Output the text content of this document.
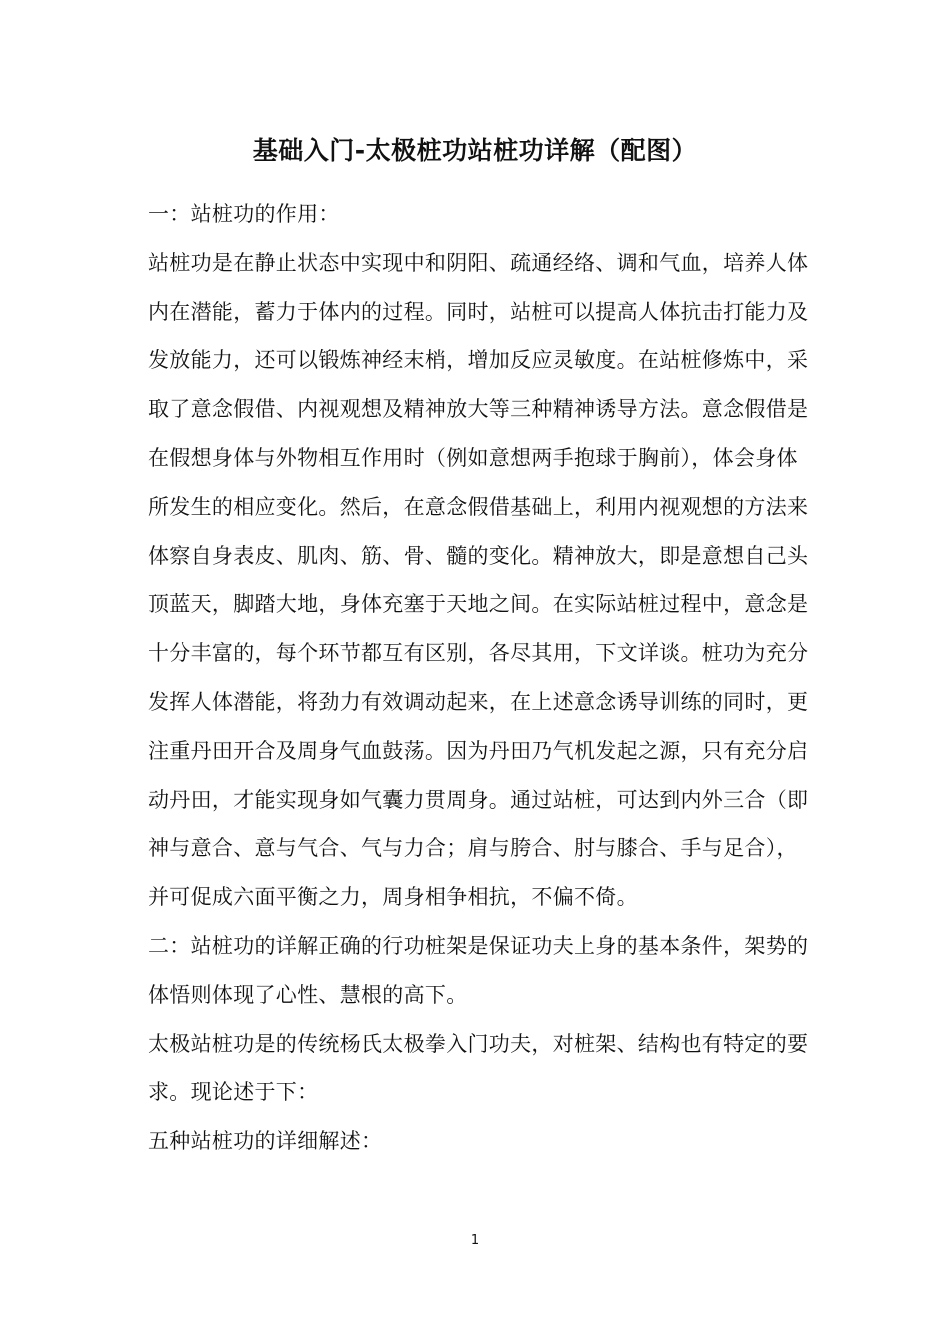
基础入门-太极桩功站桩功详解（配图）
一：站桩功的作用：
站桩功是在静止状态中实现中和阴阳、疏通经络、调和气血，培养人体
内在潜能，蓄力于体内的过程。同时，站桩可以提高人体抗击打能力及
发放能力，还可以锻炼神经末梢，增加反应灵敏度。在站桩修炼中，采
取了意念假借、内视观想及精神放大等三种精神诱导方法。意念假借是
在假想身体与外物相互作用时（例如意想两手抱球于胸前），体会身体
所发生的相应变化。然后，在意念假借基础上，利用内视观想的方法来
体察自身表皮、肌肉、筋、骨、髓的变化。精神放大，即是意想自己头
顶蓝天，脚踏大地，身体充塞于天地之间。在实际站桩过程中，意念是
十分丰富的，每个环节都互有区别，各尽其用，下文详谈。桩功为充分
发挥人体潜能，将劲力有效调动起来，在上述意念诱导训练的同时，更
注重丹田开合及周身气血鼓荡。因为丹田乃气机发起之源，只有充分启
动丹田，才能实现身如气囊力贯周身。通过站桩，可达到内外三合（即
神与意合、意与气合、气与力合；肩与胯合、肘与膝合、手与足合），
并可促成六面平衡之力，周身相争相抗，不偏不倚。
二：站桩功的详解正确的行功桩架是保证功夫上身的基本条件，架势的
体悟则体现了心性、慧根的高下。
太极站桩功是的传统杨氏太极拳入门功夫，对桩架、结构也有特定的要
求。现论述于下：
五种站桩功的详细解述：
1
